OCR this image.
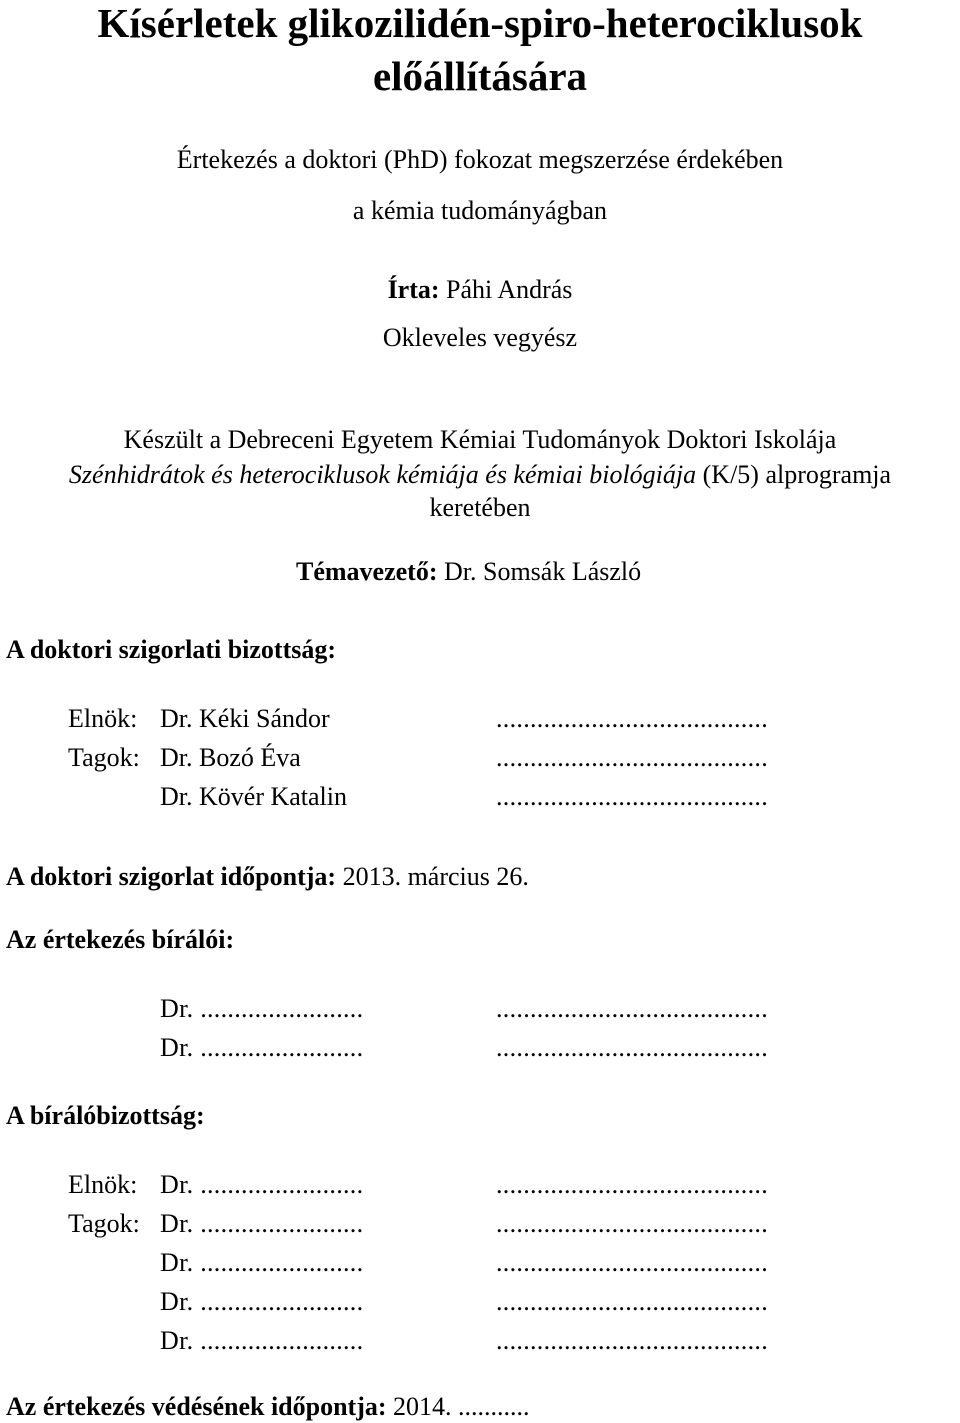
Kísérletek glikozilidén-spiro-heterociklusok
előállítására
Értekezés a doktori (PhD) fokozat megszerzése érdekében
a kémia tudományágban
Írta: Páhi András
Okleveles vegyész
Készült a Debreceni Egyetem Kémiai Tudományok Doktori Iskolája
Szénhidrátok és heterociklusok kémiája és kémiai biológiája (K/5) alprogramja
keretében
Témavezető: Dr. Somsák László
A doktori szigorlati bizottság:
Elnök: Dr. Kéki Sándor	........................................
Tagok: Dr. Bozó Éva	........................................
Dr. Kövér Katalin	........................................
A doktori szigorlat időpontja: 2013. március 26.
Az értekezés bírálói:
Dr. ........................	........................................
Dr. ........................	........................................
A bírálóbizottság:
Elnök: Dr. ........................	........................................
Tagok: Dr. ........................	........................................
Dr. ........................	........................................
Dr. ........................	........................................
Dr. ........................	........................................
Az értekezés védésének időpontja: 2014. ...........
